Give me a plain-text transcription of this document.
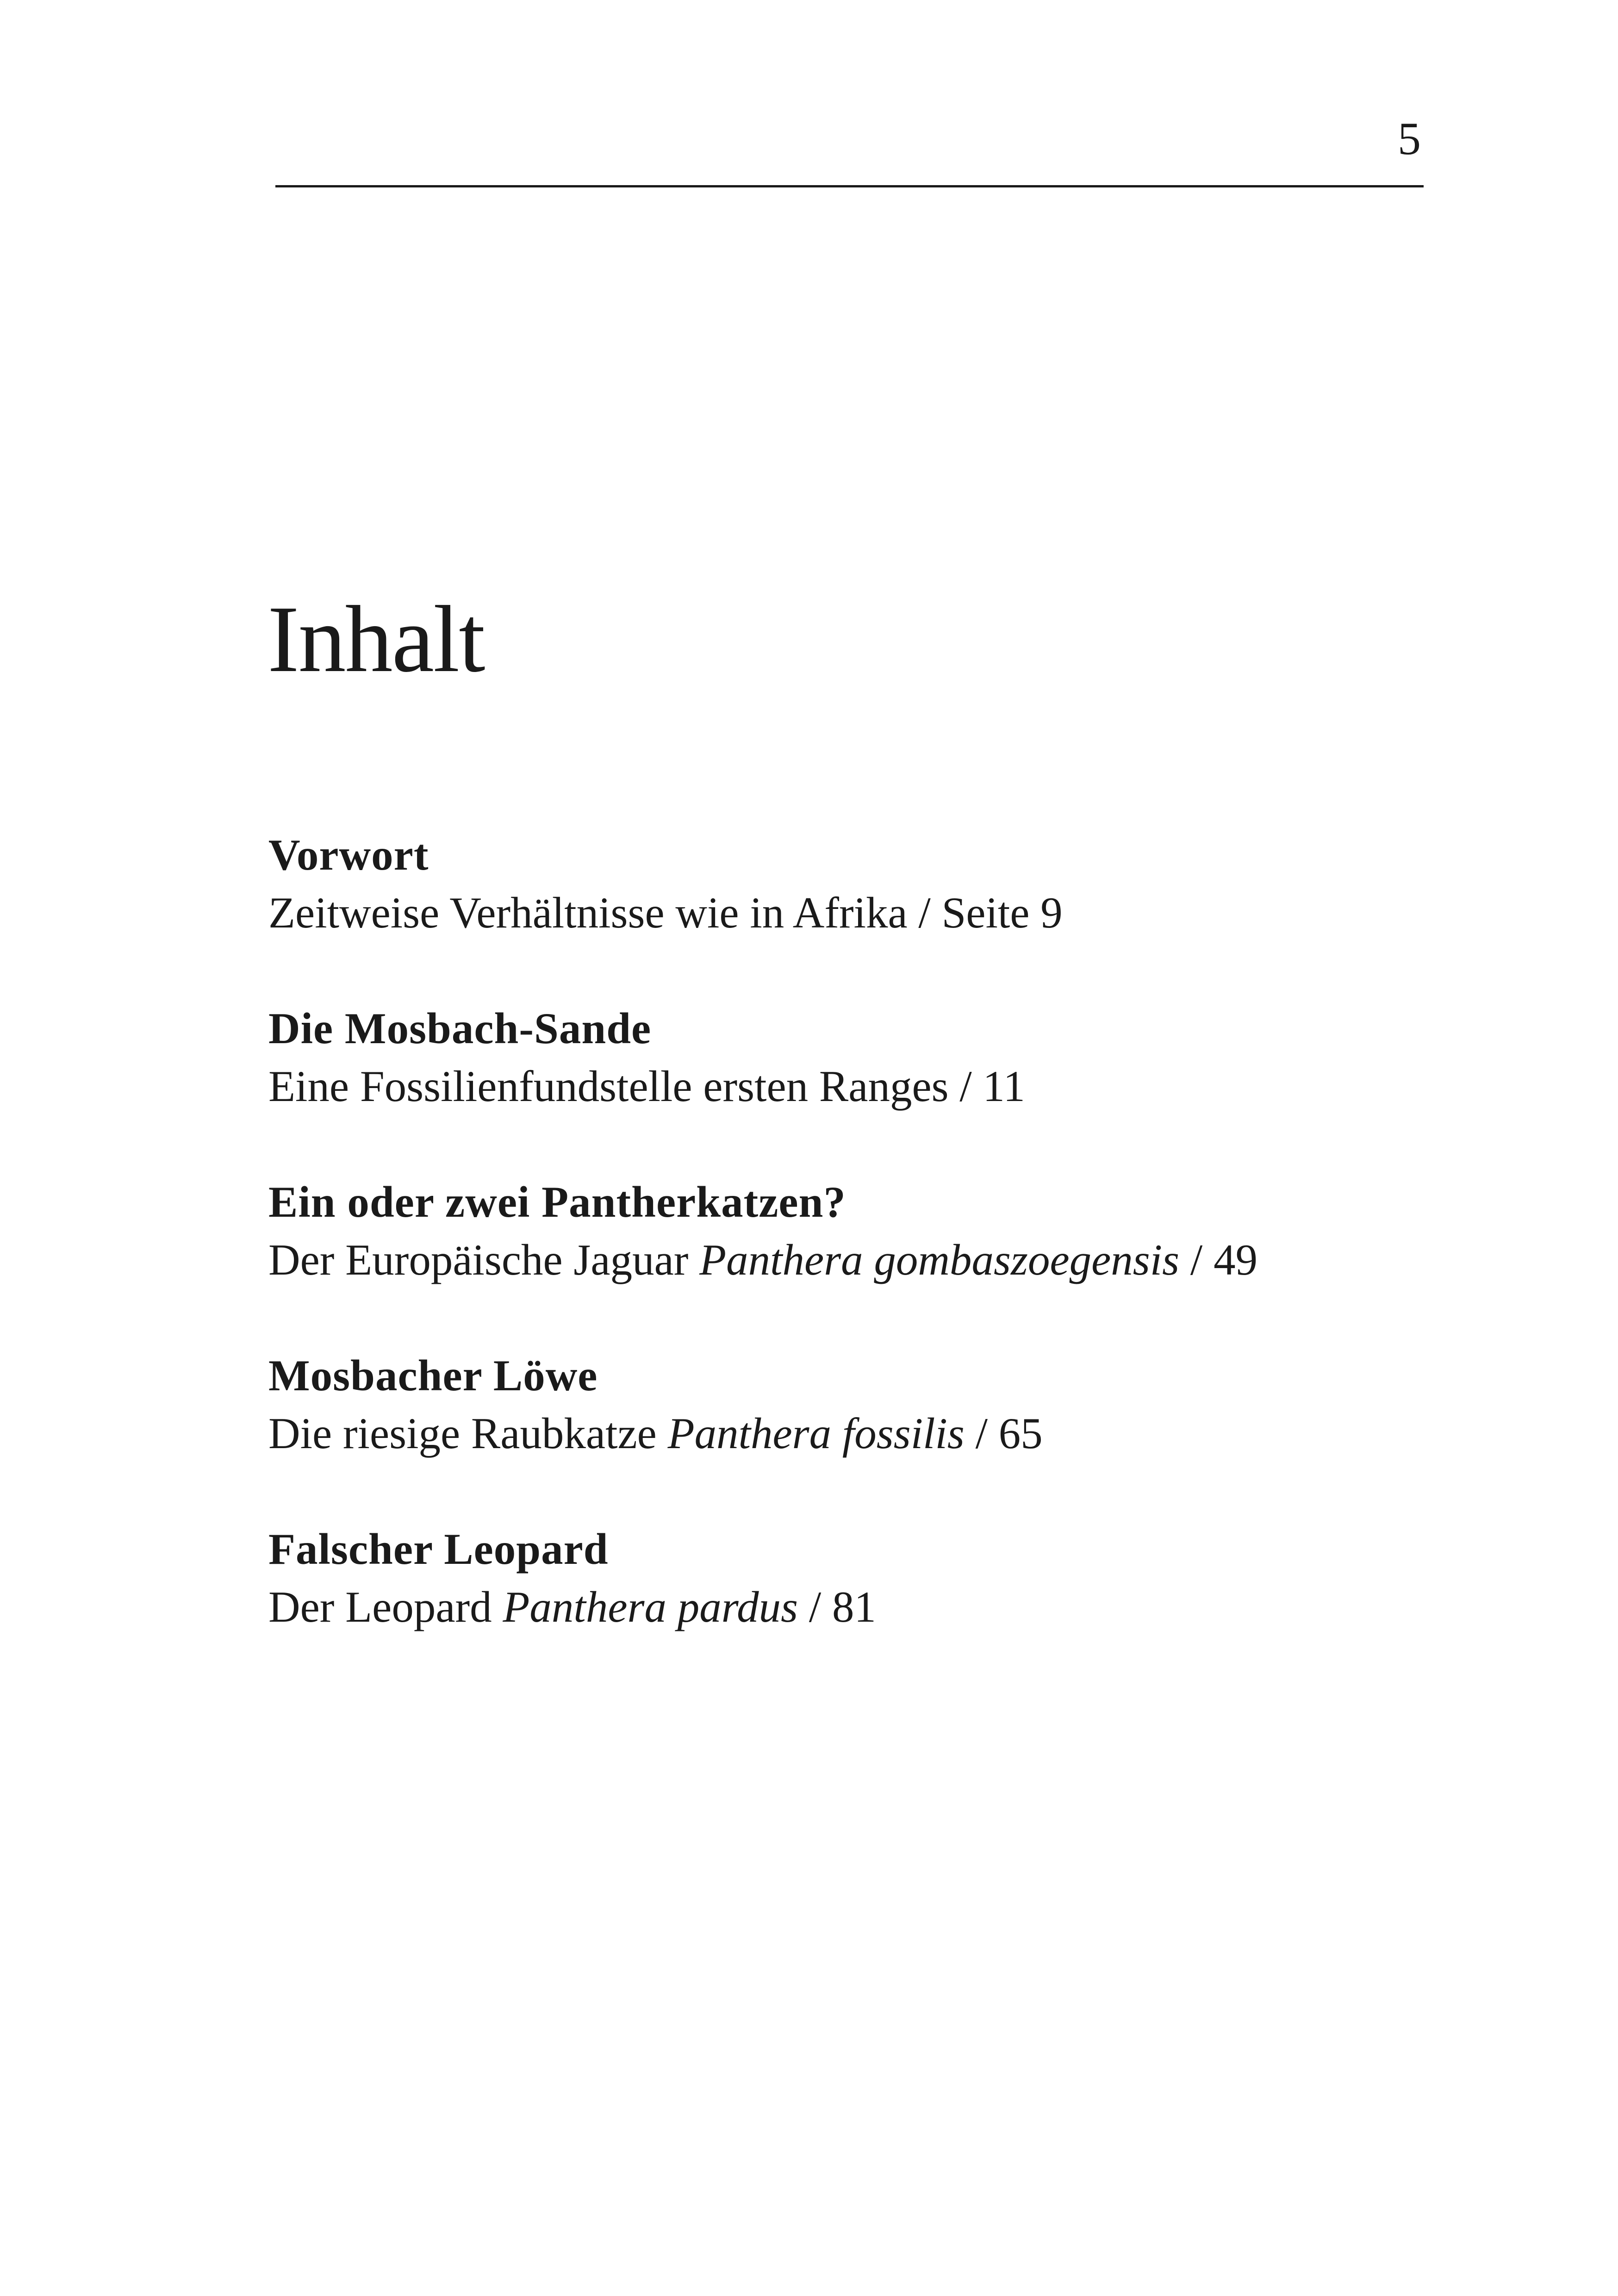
5
Inhalt
Vorwort
Zeitweise Verhältnisse wie in Afrika / Seite 9
Die Mosbach-Sande
Eine Fossilienfundstelle ersten Ranges / 11
Ein oder zwei Pantherkatzen?
Der Europäische Jaguar Panthera gombaszoegensis / 49
Mosbacher Löwe
Die riesige Raubkatze Panthera fossilis / 65
Falscher Leopard
Der Leopard Panthera pardus / 81
